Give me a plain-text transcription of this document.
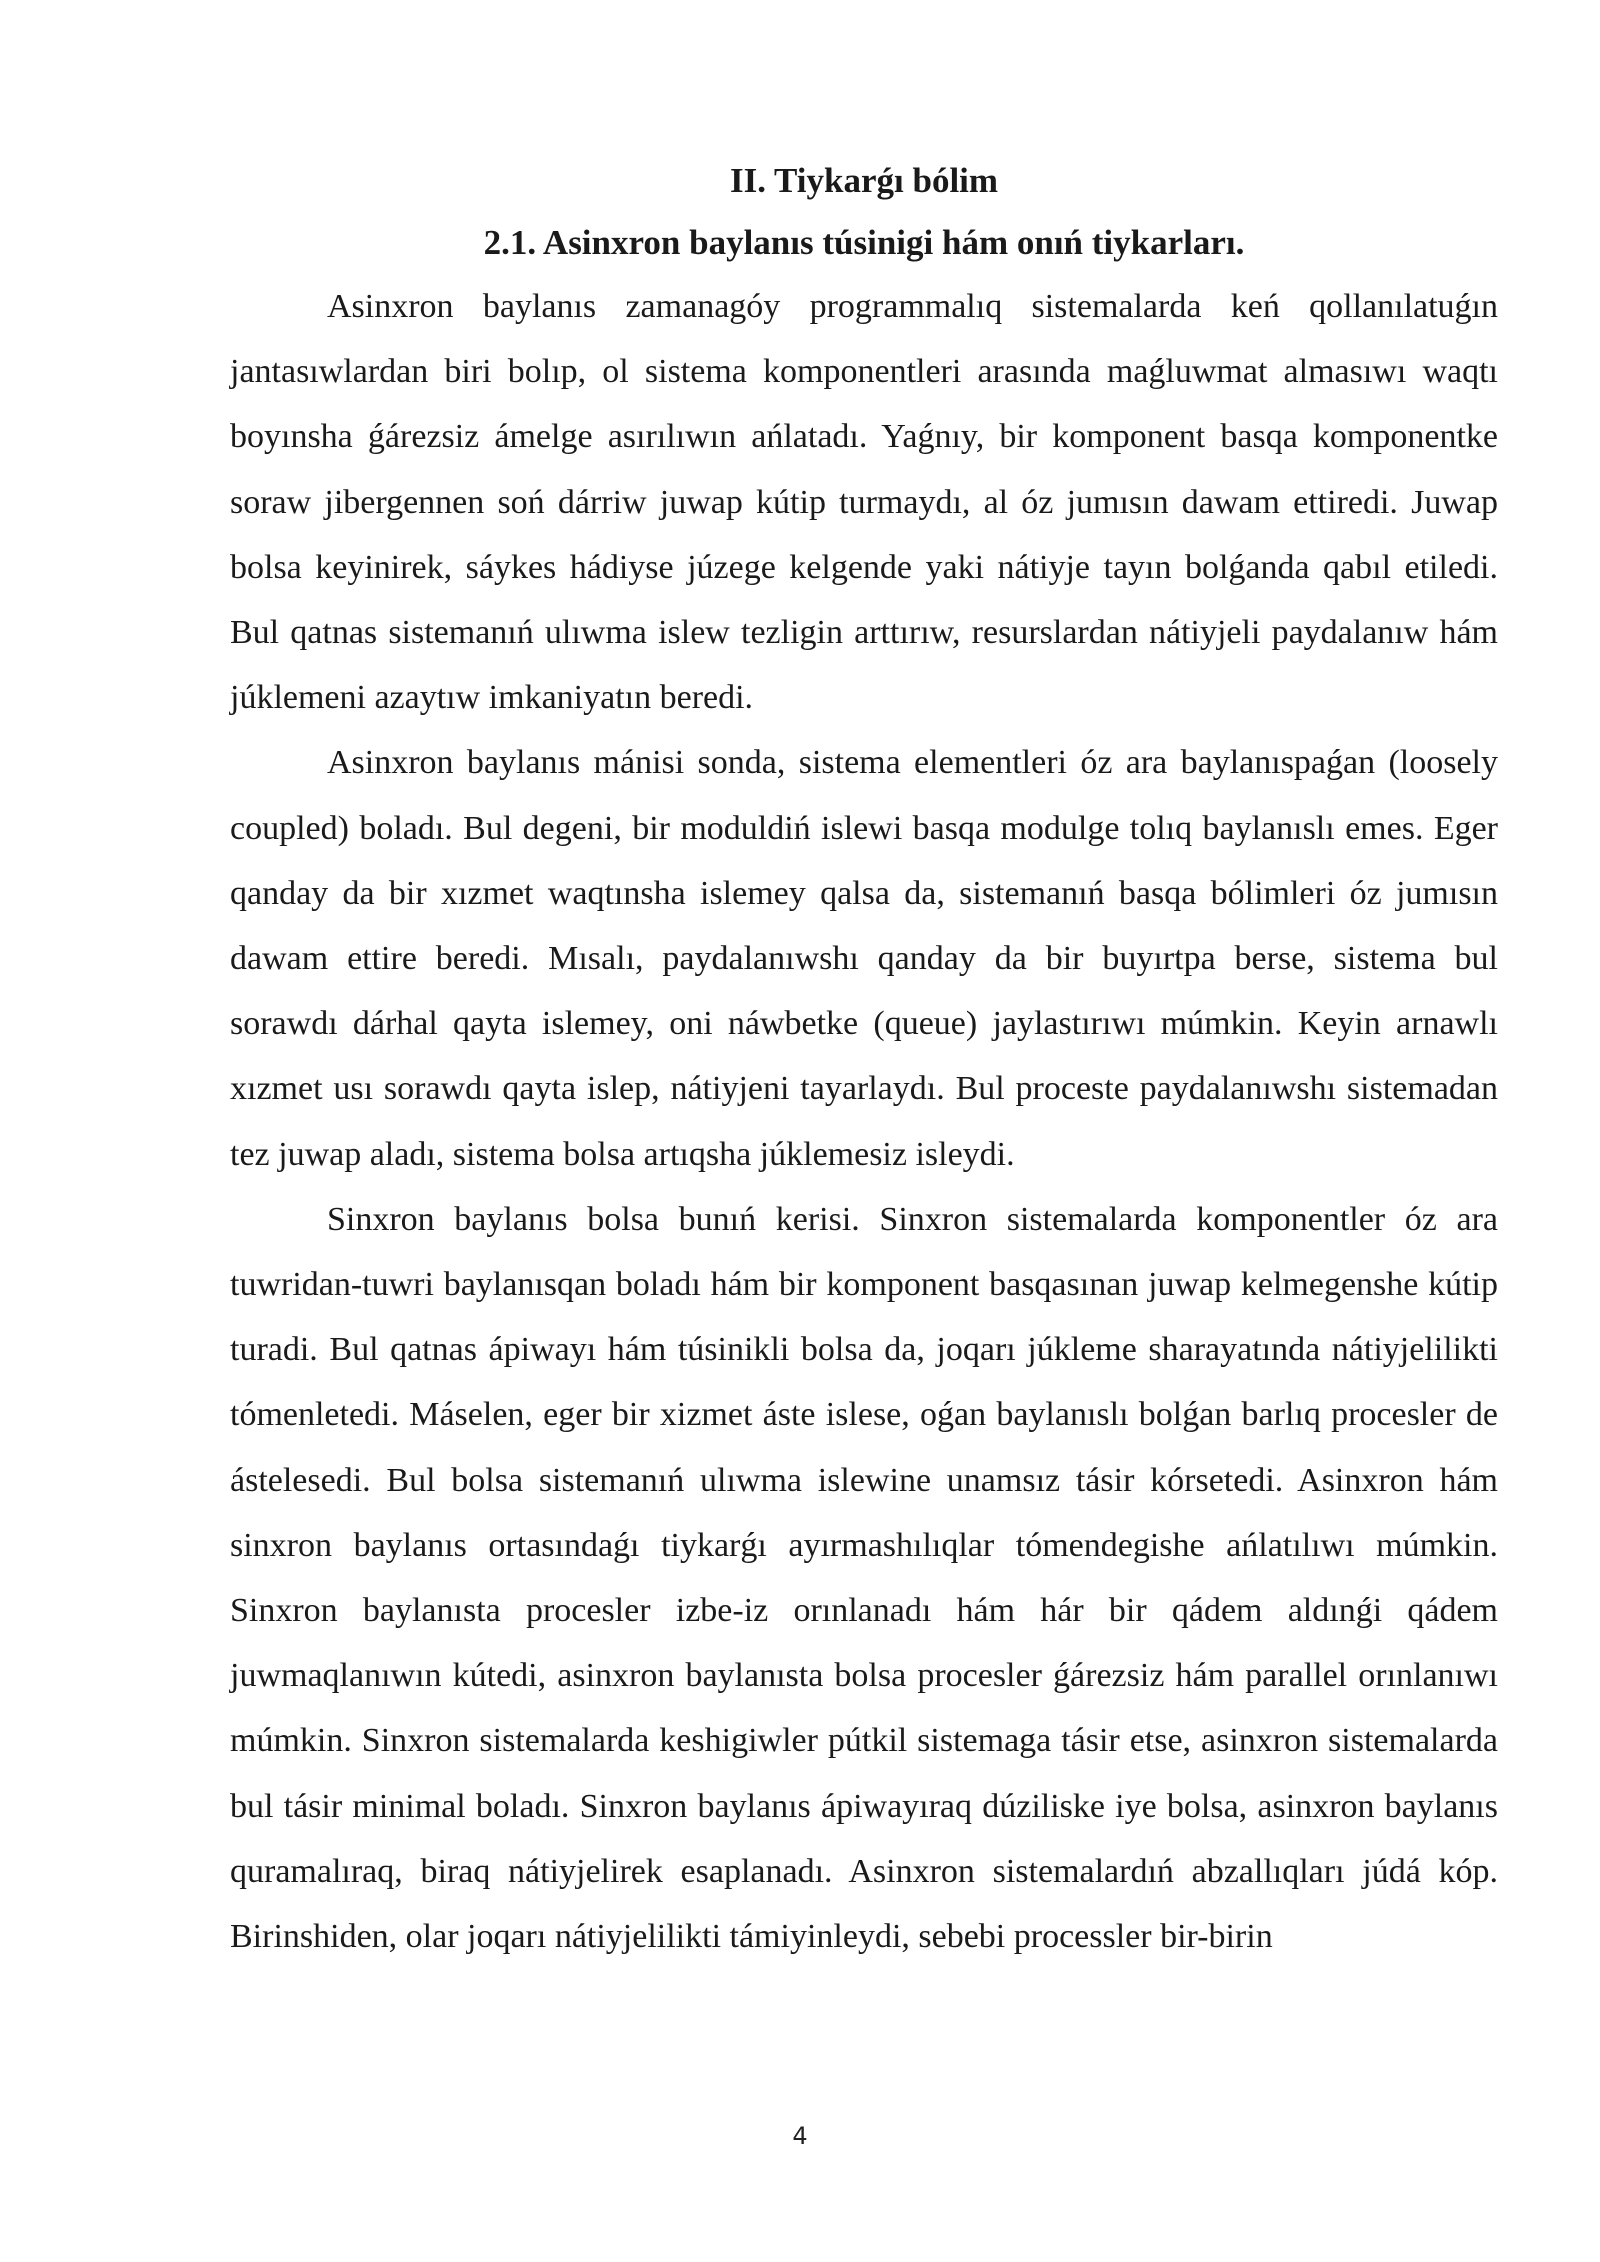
II. Tiykarǵı bólim
2.1. Asinxron baylanıs túsinigi hám onıń tiykarları.

Asinxron baylanıs zamanagóy programmalıq sistemalarda keń qollanılatuǵın jantasıwlardan biri bolıp, ol sistema komponentleri arasında maǵluwmat almasıwı waqtı boyınsha ǵárezsiz ámelge asırılıwın ańlatadı. Yaǵnıy, bir komponent basqa komponentke soraw jibergennen soń dárriw juwap kútip turmaydı, al óz jumısın dawam ettiredi. Juwap bolsa keyinirek, sáykes hádiyse júzege kelgende yaki nátiyje tayın bolǵanda qabıl etiledi. Bul qatnas sistemanıń ulıwma islew tezligin arttırıw, resurslardan nátiyjeli paydalanıw hám júklemeni azaytıw imkaniyatın beredi.

Asinxron baylanıs mánisi sonda, sistema elementleri óz ara baylanıspaǵan (loosely coupled) boladı. Bul degeni, bir moduldiń islewi basqa modulge tolıq baylanıslı emes. Eger qanday da bir xızmet waqtınsha islemey qalsa da, sistemanıń basqa bólimleri óz jumısın dawam ettire beredi. Mısalı, paydalanıwshı qanday da bir buyırtpa berse, sistema bul sorawdı dárhal qayta islemey, oni náwbetke (queue) jaylastırıwı múmkin. Keyin arnawlı xızmet usı sorawdı qayta islep, nátiyjeni tayarlaydı. Bul proceste paydalanıwshı sistemadan tez juwap aladı, sistema bolsa artıqsha júklemesiz isleydi.

Sinxron baylanıs bolsa bunıń kerisi. Sinxron sistemalarda komponentler óz ara tuwridan-tuwri baylanısqan boladı hám bir komponent basqasınan juwap kelmegenshe kútip turadi. Bul qatnas ápiwayı hám túsinikli bolsa da, joqarı júkleme sharayatında nátiyjelilikti tómenletedi. Máselen, eger bir xizmet áste islese, oǵan baylanıslı bolǵan barlıq procesler de ástelesedi. Bul bolsa sistemanıń ulıwma islewine unamsız tásir kórsetedi. Asinxron hám sinxron baylanıs ortasındaǵı tiykarǵı ayırmashılıqlar tómendegishe ańlatılıwı múmkin. Sinxron baylanısta procesler izbe-iz orınlanadı hám hár bir qádem aldınǵi qádem juwmaqlanıwın kútedi, asinxron baylanısta bolsa procesler ǵárezsiz hám parallel orınlanıwı múmkin. Sinxron sistemalarda keshigiwler pútkil sistemaga tásir etse, asinxron sistemalarda bul tásir minimal boladı. Sinxron baylanıs ápiwayıraq dúziliske iye bolsa, asinxron baylanıs quramalıraq, biraq nátiyjelirek esaplanadı. Asinxron sistemalardıń abzallıqları júdá kóp. Birinshiden, olar joqarı nátiyjelilikti támiyinleydi, sebebi processler bir-birin

4
